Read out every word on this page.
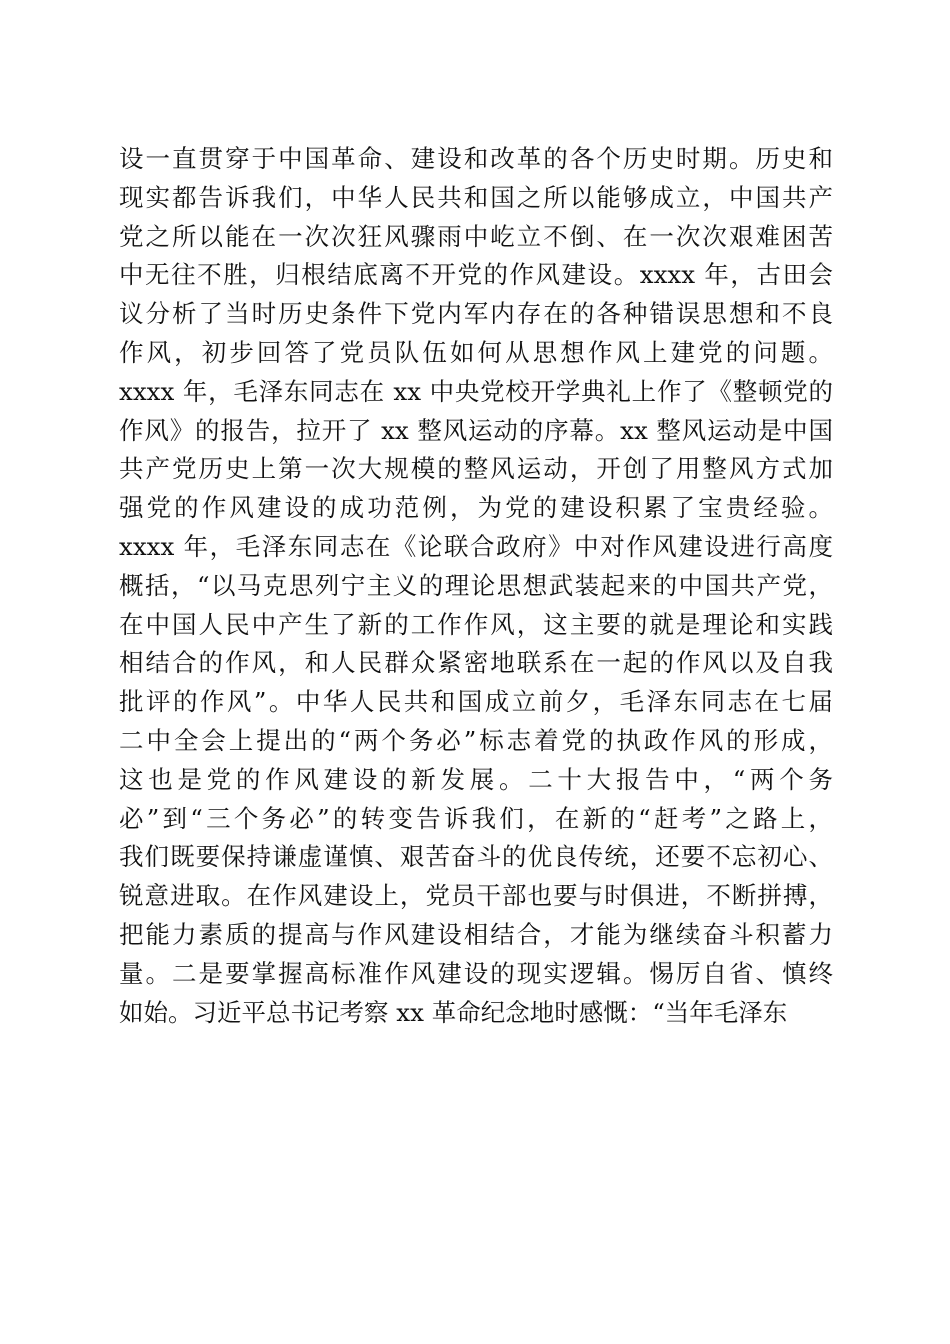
设一直贯穿于中国革命、建设和改革的各个历史时期。历史和
现实都告诉我们，中华人民共和国之所以能够成立，中国共产
党之所以能在一次次狂风骤雨中屹立不倒、在一次次艰难困苦
中无往不胜，归根结底离不开党的作风建设。xxxx 年，古田会
议分析了当时历史条件下党内军内存在的各种错误思想和不良
作风，初步回答了党员队伍如何从思想作风上建党的问题。
xxxx 年，毛泽东同志在 xx 中央党校开学典礼上作了《整顿党的
作风》的报告，拉开了 xx 整风运动的序幕。xx 整风运动是中国
共产党历史上第一次大规模的整风运动，开创了用整风方式加
强党的作风建设的成功范例，为党的建设积累了宝贵经验。
xxxx 年，毛泽东同志在《论联合政府》中对作风建设进行高度
概括，“以马克思列宁主义的理论思想武装起来的中国共产党，
在中国人民中产生了新的工作作风，这主要的就是理论和实践
相结合的作风，和人民群众紧密地联系在一起的作风以及自我
批评的作风”。中华人民共和国成立前夕，毛泽东同志在七届
二中全会上提出的“两个务必”标志着党的执政作风的形成，
这也是党的作风建设的新发展。二十大报告中，“两个务
必”到“三个务必”的转变告诉我们，在新的“赶考”之路上，
我们既要保持谦虚谨慎、艰苦奋斗的优良传统，还要不忘初心、
锐意进取。在作风建设上，党员干部也要与时俱进，不断拼搏，
把能力素质的提高与作风建设相结合，才能为继续奋斗积蓄力
量。二是要掌握高标准作风建设的现实逻辑。惕厉自省、慎终
如始。习近平总书记考察 xx 革命纪念地时感慨：“当年毛泽东
